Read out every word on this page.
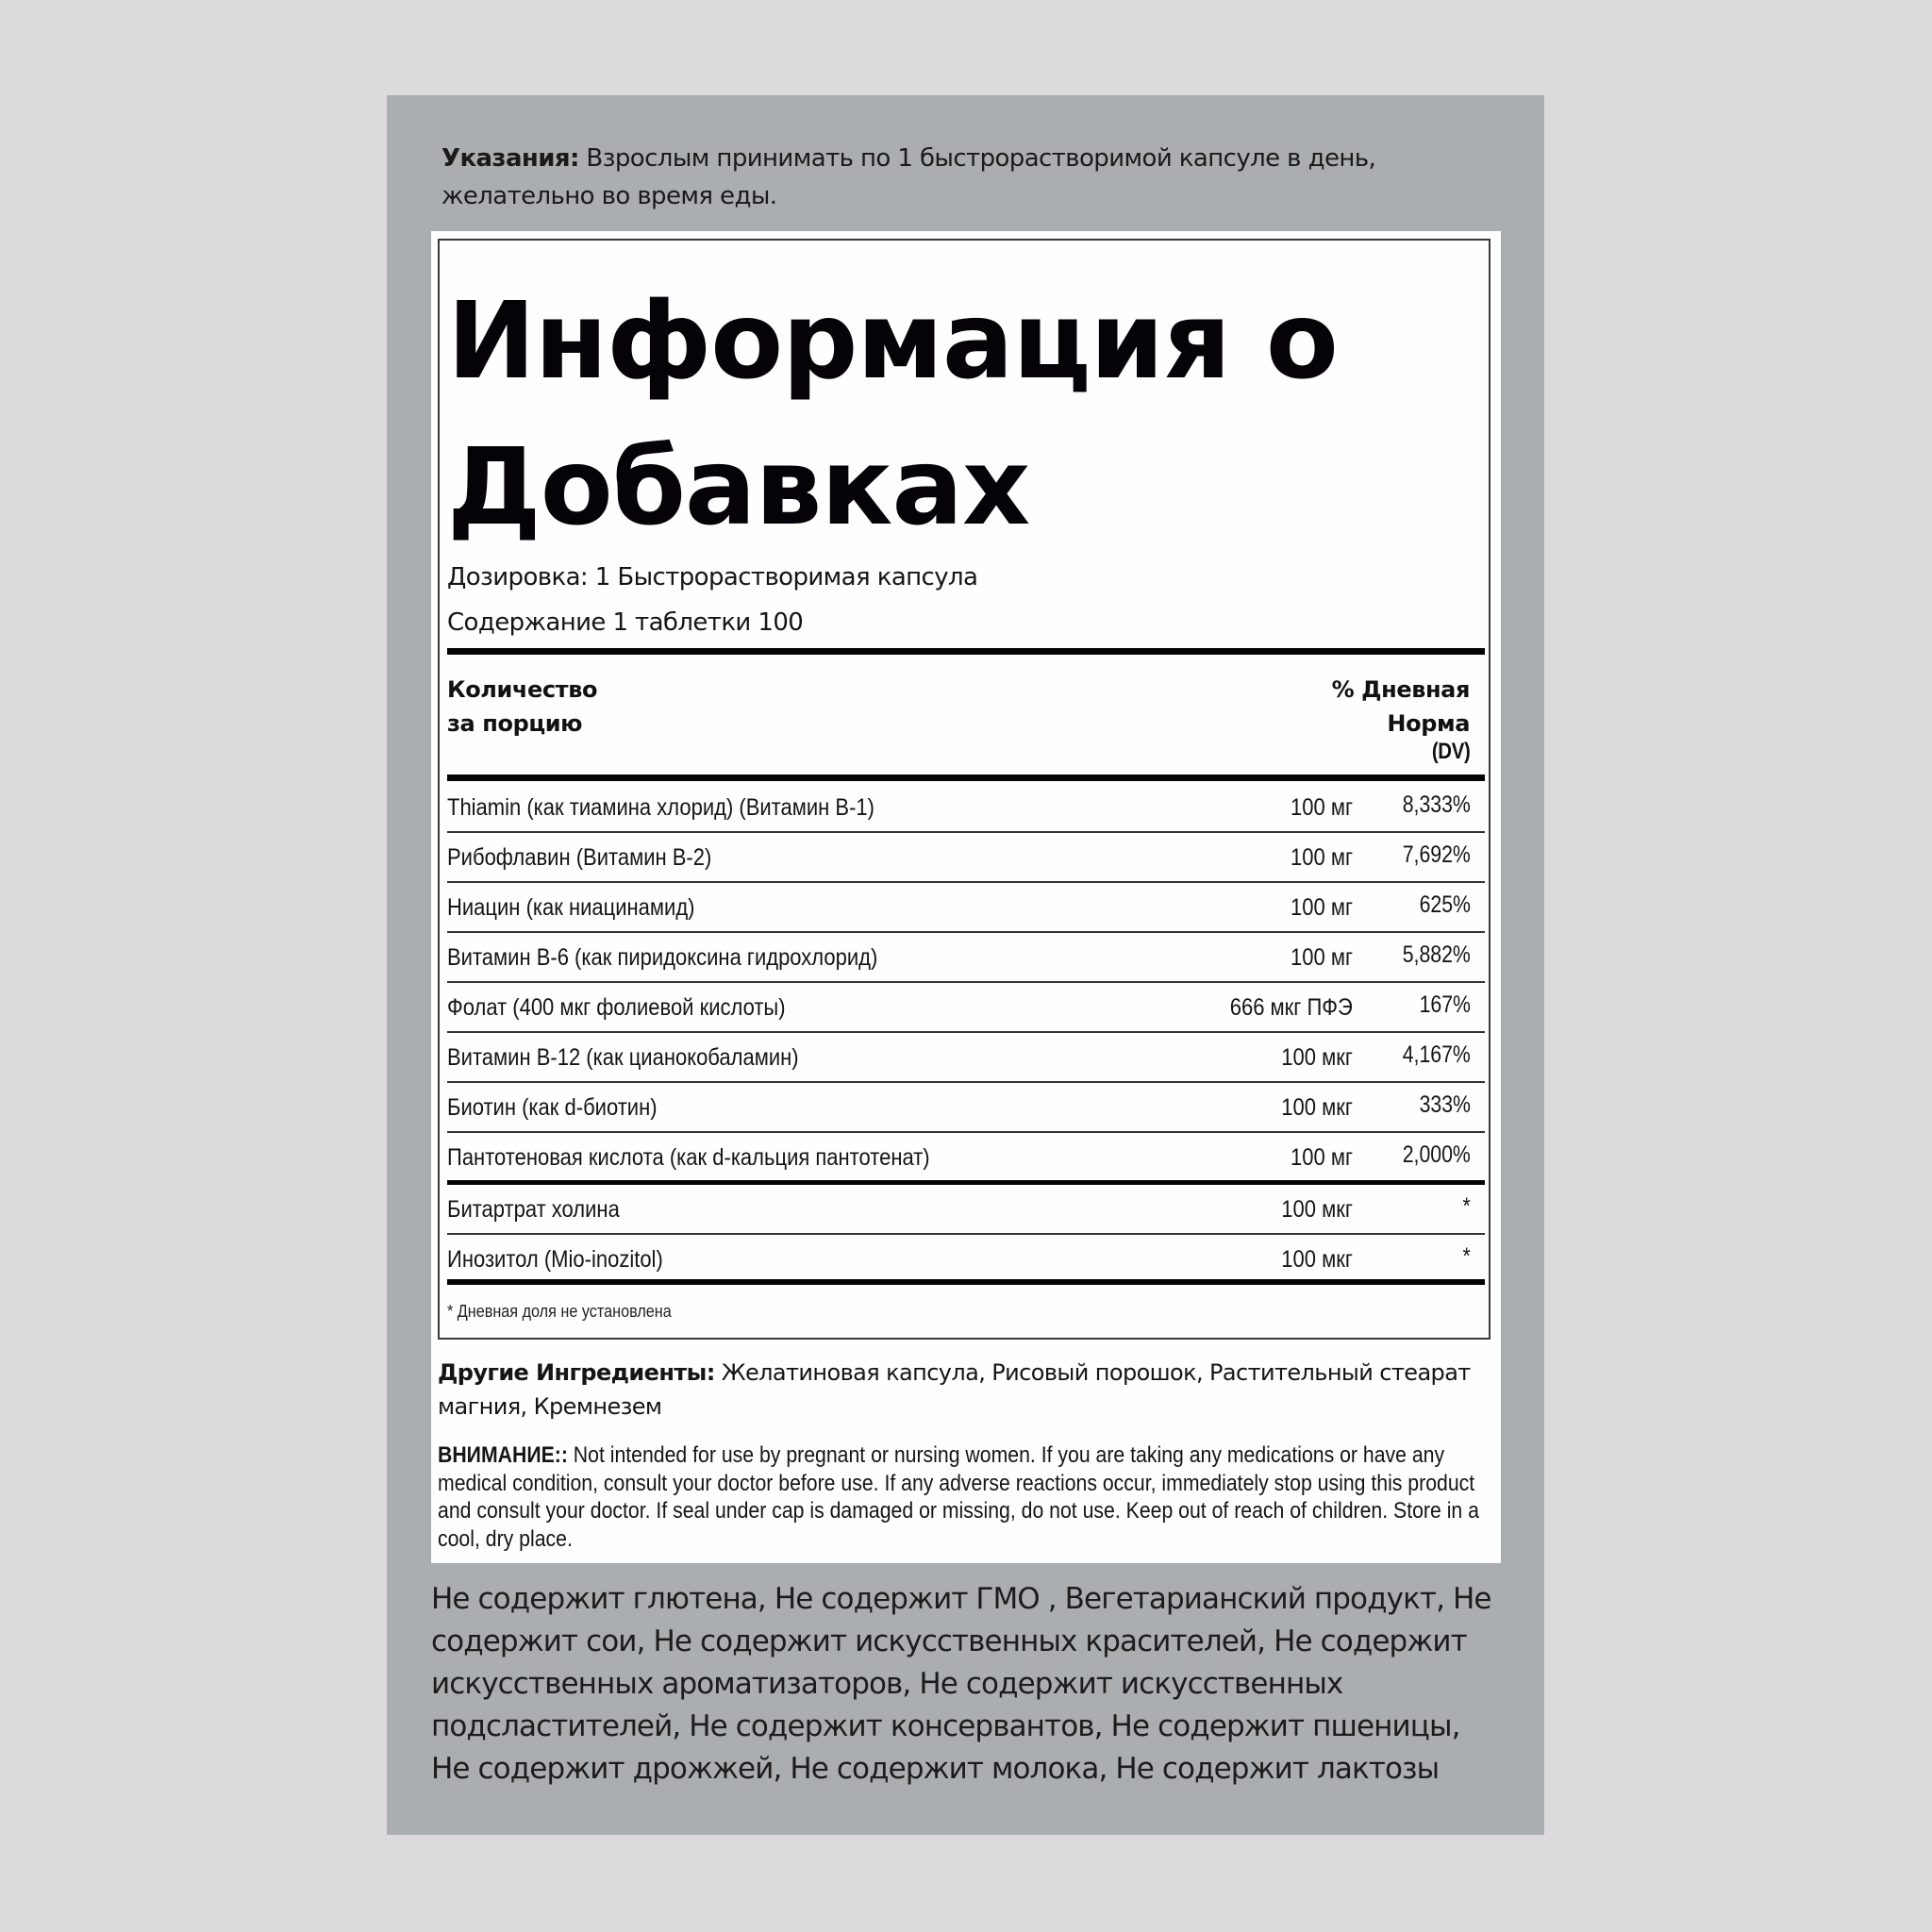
Указания: Взрослым принимать по 1 быстрорастворимой капсуле в день, желательно во время еды.
Информация о
Добавках
Дозировка: 1 Быстрорастворимая капсула
Содержание 1 таблетки 100
Количество
за порцию
% Дневная
Норма
(DV)
Thiamin (как тиамина хлорид) (Витамин B-1)	100 мг 8,333%
Рибофлавин (Витамин B-2)	100 мг 7,692%
Ниацин (как ниацинамид)	100 мг	625%
Витамин B-6 (как пиридоксина гидрохлорид)	100 мг 5,882%
Фолат (400 мкг фолиевой кислоты)	666 мкг ПФЭ	167%
Витамин B-12 (как цианокобаламин)	100 мкг 4,167%
Биотин (как d-биотин)	100 мкг	333%
Пантотеновая кислота (как d-кальция пантотенат)	100 мг 2,000%
Битартрат холина	100 мкг	*
Инозитол (Mio-inozitol)	100 мкг	*
* Дневная доля не установлена
Другие Ингредиенты: Желатиновая капсула, Рисовый порошок, Растительный стеарат магния, Кремнезем
ВНИМАНИЕ:: Not intended for use by pregnant or nursing women. If you are taking any medications or have any medical condition, consult your doctor before use. If any adverse reactions occur, immediately stop using this product and consult your doctor. If seal under cap is damaged or missing, do not use. Keep out of reach of children. Store in a cool, dry place.
Не содержит глютена, Не содержит ГМО , Вегетарианский продукт, Не содержит сои, Не содержит искусственных красителей, Не содержит искусственных ароматизаторов, Не содержит искусственных подсластителей, Не содержит консервантов, Не содержит пшеницы, Не содержит дрожжей, Не содержит молока, Не содержит лактозы
